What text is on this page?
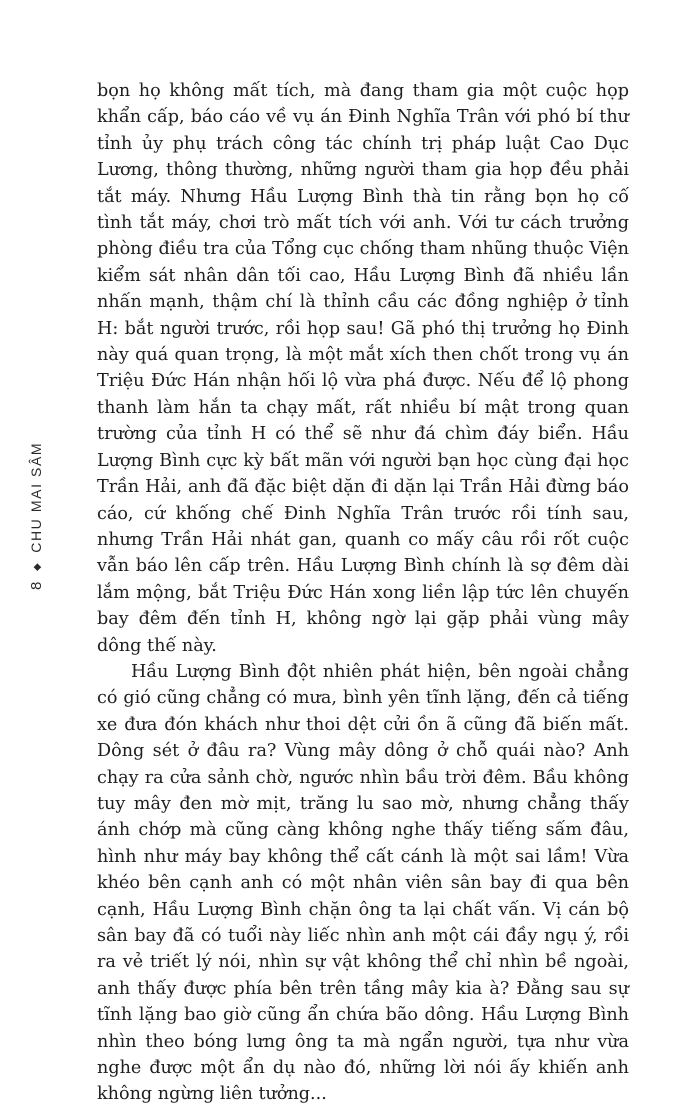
8◆CHU MAI SÂM

bọn họ không mất tích, mà đang tham gia một cuộc họp khẩn cấp, báo cáo về vụ án Đinh Nghĩa Trân với phó bí thư tỉnh ủy phụ trách công tác chính trị pháp luật Cao Dục Lương, thông thường, những người tham gia họp đều phải tắt máy. Nhưng Hầu Lượng Bình thà tin rằng bọn họ cố tình tắt máy, chơi trò mất tích với anh. Với tư cách trưởng phòng điều tra của Tổng cục chống tham nhũng thuộc Viện kiểm sát nhân dân tối cao, Hầu Lượng Bình đã nhiều lần nhấn mạnh, thậm chí là thỉnh cầu các đồng nghiệp ở tỉnh H: bắt người trước, rồi họp sau! Gã phó thị trưởng họ Đinh này quá quan trọng, là một mắt xích then chốt trong vụ án Triệu Đức Hán nhận hối lộ vừa phá được. Nếu để lộ phong thanh làm hắn ta chạy mất, rất nhiều bí mật trong quan trường của tỉnh H có thể sẽ như đá chìm đáy biển. Hầu Lượng Bình cực kỳ bất mãn với người bạn học cùng đại học Trần Hải, anh đã đặc biệt dặn đi dặn lại Trần Hải đừng báo cáo, cứ khống chế Đinh Nghĩa Trân trước rồi tính sau, nhưng Trần Hải nhát gan, quanh co mấy câu rồi rốt cuộc vẫn báo lên cấp trên. Hầu Lượng Bình chính là sợ đêm dài lắm mộng, bắt Triệu Đức Hán xong liền lập tức lên chuyến bay đêm đến tỉnh H, không ngờ lại gặp phải vùng mây dông thế này.

Hầu Lượng Bình đột nhiên phát hiện, bên ngoài chẳng có gió cũng chẳng có mưa, bình yên tĩnh lặng, đến cả tiếng xe đưa đón khách như thoi dệt cửi ồn ã cũng đã biến mất. Dông sét ở đâu ra? Vùng mây dông ở chỗ quái nào? Anh chạy ra cửa sảnh chờ, ngước nhìn bầu trời đêm. Bầu không tuy mây đen mờ mịt, trăng lu sao mờ, nhưng chẳng thấy ánh chớp mà cũng càng không nghe thấy tiếng sấm đâu, hình như máy bay không thể cất cánh là một sai lầm! Vừa khéo bên cạnh anh có một nhân viên sân bay đi qua bên cạnh, Hầu Lượng Bình chặn ông ta lại chất vấn. Vị cán bộ sân bay đã có tuổi này liếc nhìn anh một cái đầy ngụ ý, rồi ra vẻ triết lý nói, nhìn sự vật không thể chỉ nhìn bề ngoài, anh thấy được phía bên trên tầng mây kia à? Đằng sau sự tĩnh lặng bao giờ cũng ẩn chứa bão dông. Hầu Lượng Bình nhìn theo bóng lưng ông ta mà ngẩn người, tựa như vừa nghe được một ẩn dụ nào đó, những lời nói ấy khiến anh không ngừng liên tưởng...
